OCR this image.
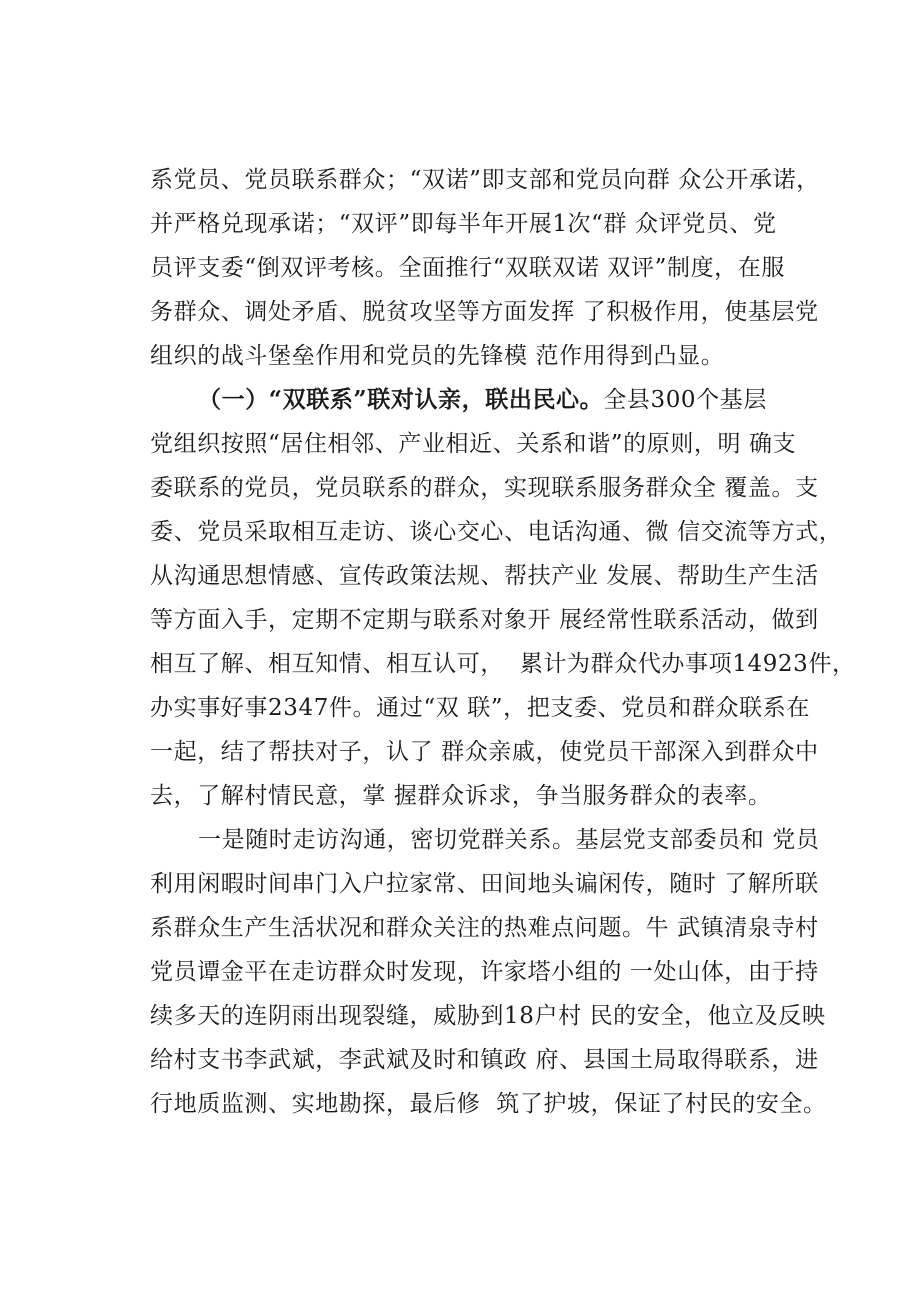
系党员、党员联系群众；“双诺”即支部和党员向群 众公开承诺，
并严格兑现承诺；“双评”即每半年开展1次“群 众评党员、党
员评支委“倒双评考核。全面推行“双联双诺 双评”制度，在服
务群众、调处矛盾、脱贫攻坚等方面发挥 了积极作用，使基层党
组织的战斗堡垒作用和党员的先锋模 范作用得到凸显。
（一）“双联系”联对认亲，联出民心。全县300个基层
党组织按照“居住相邻、产业相近、关系和谐”的原则，明 确支
委联系的党员，党员联系的群众，实现联系服务群众全 覆盖。支
委、党员采取相互走访、谈心交心、电话沟通、微 信交流等方式，
从沟通思想情感、宣传政策法规、帮扶产业 发展、帮助生产生活
等方面入手，定期不定期与联系对象开 展经常性联系活动，做到
相互了解、相互知情、相互认可，  累计为群众代办事项14923件，
办实事好事2347件。通过“双 联”，把支委、党员和群众联系在
一起，结了帮扶对子，认了 群众亲戚，使党员干部深入到群众中
去，了解村情民意，掌 握群众诉求，争当服务群众的表率。
一是随时走访沟通，密切党群关系。基层党支部委员和 党员
利用闲暇时间串门入户拉家常、田间地头谝闲传，随时 了解所联
系群众生产生活状况和群众关注的热难点问题。牛 武镇清泉寺村
党员谭金平在走访群众时发现，许家塔小组的 一处山体，由于持
续多天的连阴雨出现裂缝，威胁到18户村 民的安全，他立及反映
给村支书李武斌，李武斌及时和镇政 府、县国土局取得联系，进
行地质监测、实地勘探，最后修  筑了护坡，保证了村民的安全。
